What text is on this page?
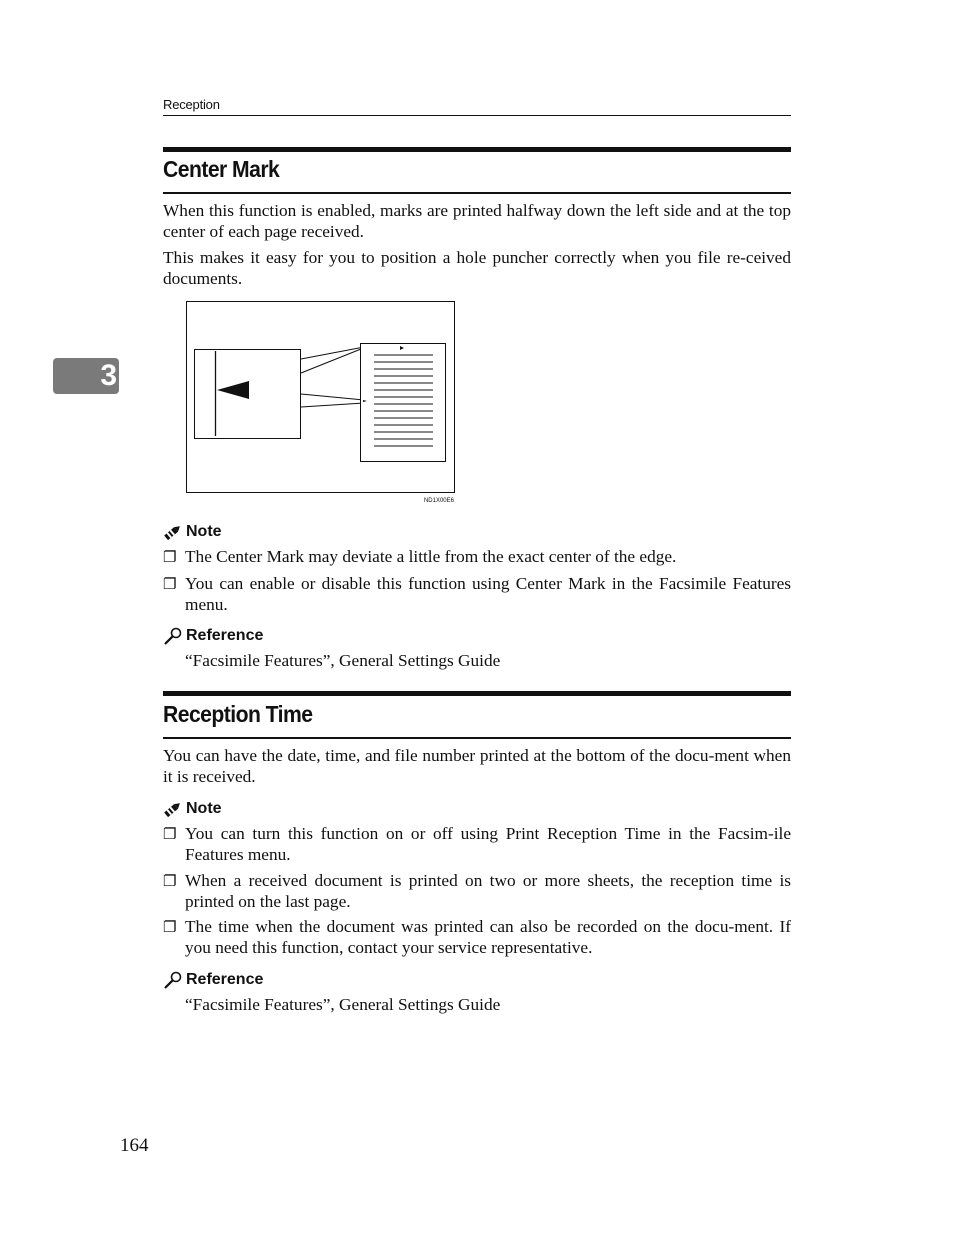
Reception
3
Center Mark
When this function is enabled, marks are printed halfway down the left side and at the top center of each page received.
This makes it easy for you to position a hole puncher correctly when you file re-ceived documents.
ND1X00E6
Note
❐ The Center Mark may deviate a little from the exact center of the edge.
❐ You can enable or disable this function using Center Mark in the Facsimile Features menu.
Reference
“Facsimile Features”, General Settings Guide
Reception Time
You can have the date, time, and file number printed at the bottom of the docu-ment when it is received.
Note
❐ You can turn this function on or off using Print Reception Time in the Facsim-ile Features menu.
❐ When a received document is printed on two or more sheets, the reception time is printed on the last page.
❐ The time when the document was printed can also be recorded on the docu-ment. If you need this function, contact your service representative.
Reference
“Facsimile Features”, General Settings Guide
164
